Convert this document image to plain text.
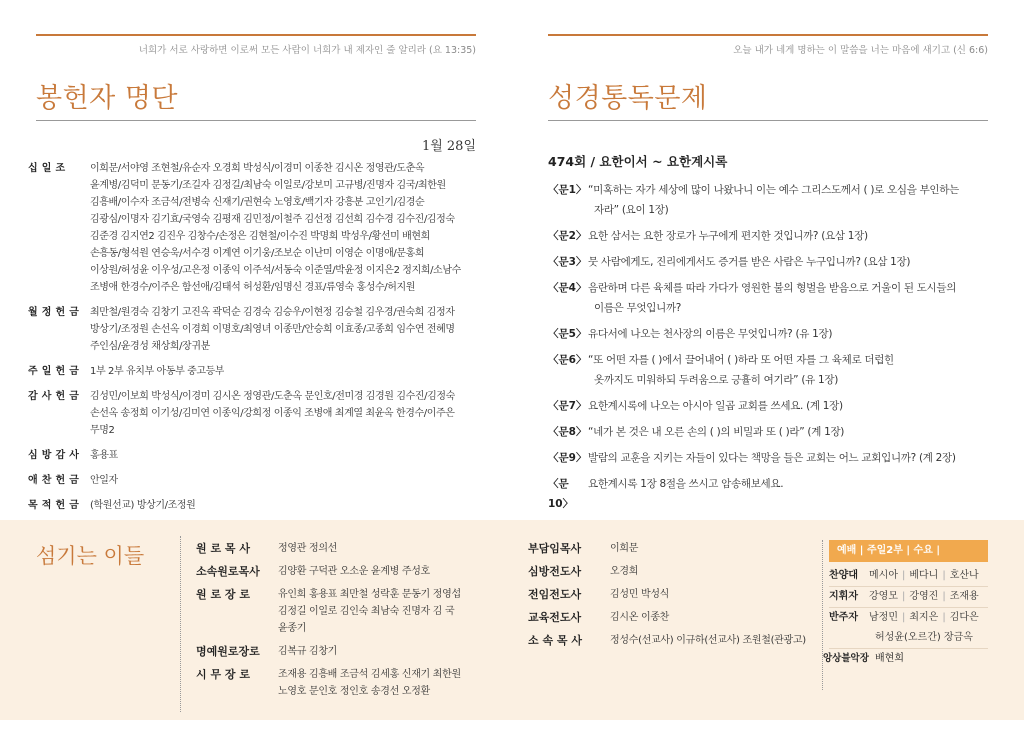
너희가 서로 사랑하면 이로써 모든 사람이 너희가 내 제자인 줄 알리라 (요 13:35)
봉헌자 명단
1월 28일
십 일 조	이희문/서야영 조현철/유순자 오경희 박성식/이경미 이종찬 김시온 정영관/도춘옥
윤계병/김덕미 문동기/조길자 김정길/최남숙 이일로/강보미 고규병/진명자 김국/최한원
김흥배/이수자 조금석/전병숙 신재기/권현숙 노영호/백기자 강흥분 고인기/김경순
김광심/이명자 김기효/국영숙 김평재 김민정/이철주 김선정 김선희 김수경 김수진/김정숙
김준경 김지연2 김진우 김창수/손정은 김현철/이수진 박명희 박성우/황선미 배현희
손흥동/형석원 연승욱/서수경 이계연 이기웅/조보순 이난미 이영순 이명애/문홍희
이상원/허성윤 이우성/고은정 이종익 이주석/서동숙 이준열/박윤정 이지은2 정지희/소남수
조병애 한경수/이주은 함선애/김태석 허성환/임명신 경표/류영숙 홍성수/허지원
월 정 헌 금	최만철/원경숙 김창기 고진옥 곽덕순 김경숙 김승우/이현정 김승철 김우경/권숙희 김정자
방상기/조정원 손선옥 이경희 이명호/최영녀 이종만/안승희 이효종/고종희 임수연 전혜명
주인심/윤경성 채상희/장귀분
주 일 헌 금	1부 2부 유치부 아동부 중고등부
감 사 헌 금	김성민/이보희 박성식/이경미 김시온 정영관/도춘옥 문인호/전미경 김경원 김수진/김정숙
손선옥 송정희 이기성/김미연 이종익/강희정 이종익 조병애 최계열 최윤옥 한경수/이주은
무명2
심 방 감 사	홍용표
애 찬 헌 금	안일자
목 적 헌 금	(학원선교) 방상기/조정원
오늘 내가 네게 명하는 이 말씀을 너는 마음에 새기고 (신 6:6)
성경통독문제
474회 / 요한이서 ~ 요한계시록
〈문1〉 “미혹하는 자가 세상에 많이 나왔나니 이는 예수 그리스도께서 ( )로 오심을 부인하는
자라” (요이 1장)
〈문2〉 요한 삼서는 요한 장로가 누구에게 편지한 것입니까? (요삼 1장)
〈문3〉 뭇 사람에게도, 진리에게서도 증거를 받은 사람은 누구입니까? (요삼 1장)
〈문4〉 음란하며 다른 육체를 따라 가다가 영원한 불의 형벌을 받음으로 거울이 된 도시들의
이름은 무엇입니까?
〈문5〉 유다서에 나오는 천사장의 이름은 무엇입니까? (유 1장)
〈문6〉 “또 어떤 자를 ( )에서 끌어내어 ( )하라 또 어떤 자를 그 육체로 더럽힌
옷까지도 미워하되 두려움으로 긍휼히 여기라” (유 1장)
〈문7〉 요한계시록에 나오는 아시아 일곱 교회를 쓰세요. (계 1장)
〈문8〉 “네가 본 것은 내 오른 손의 ( )의 비밀과 또 ( )라” (계 1장)
〈문9〉 발람의 교훈을 지키는 자들이 있다는 책망을 들은 교회는 어느 교회입니까? (계 2장)
〈문10〉
요한계시록 1장 8절을 쓰시고 암송해보세요.
섬기는 이들	원 로 목 사	정영관 정의선
소속원로목사	김양환 구덕관 오소운 윤계병 주성호
원 로 장 로	유인희 홍용표 최만철 성락훈 문동기 정영섭
김정길 이일로 김인숙 최남숙 진명자 김 국
윤종기
명예원로장로	김복규 김창기
시 무 장 로	조재용 김흥배 조금석 김세홍 신재기 최한원
노영호 문인호 정인호 송경선 오정환
부담임목사	이희문
심방전도사	오경희
전임전도사	김성민 박성식
교육전도사	김시온 이종찬
소 속 목 사	정성수(선교사) 이규하(선교사) 조원철(관광고)
예배 | 주일2부 | 수요 |
찬양대	메시아 | 베다니 | 호산나
지휘자	강영모 | 강영진 | 조재용
반주자	남정민 | 최지은 | 김다은
허성윤(오르간) 장금옥
앙상블악장 배현희
